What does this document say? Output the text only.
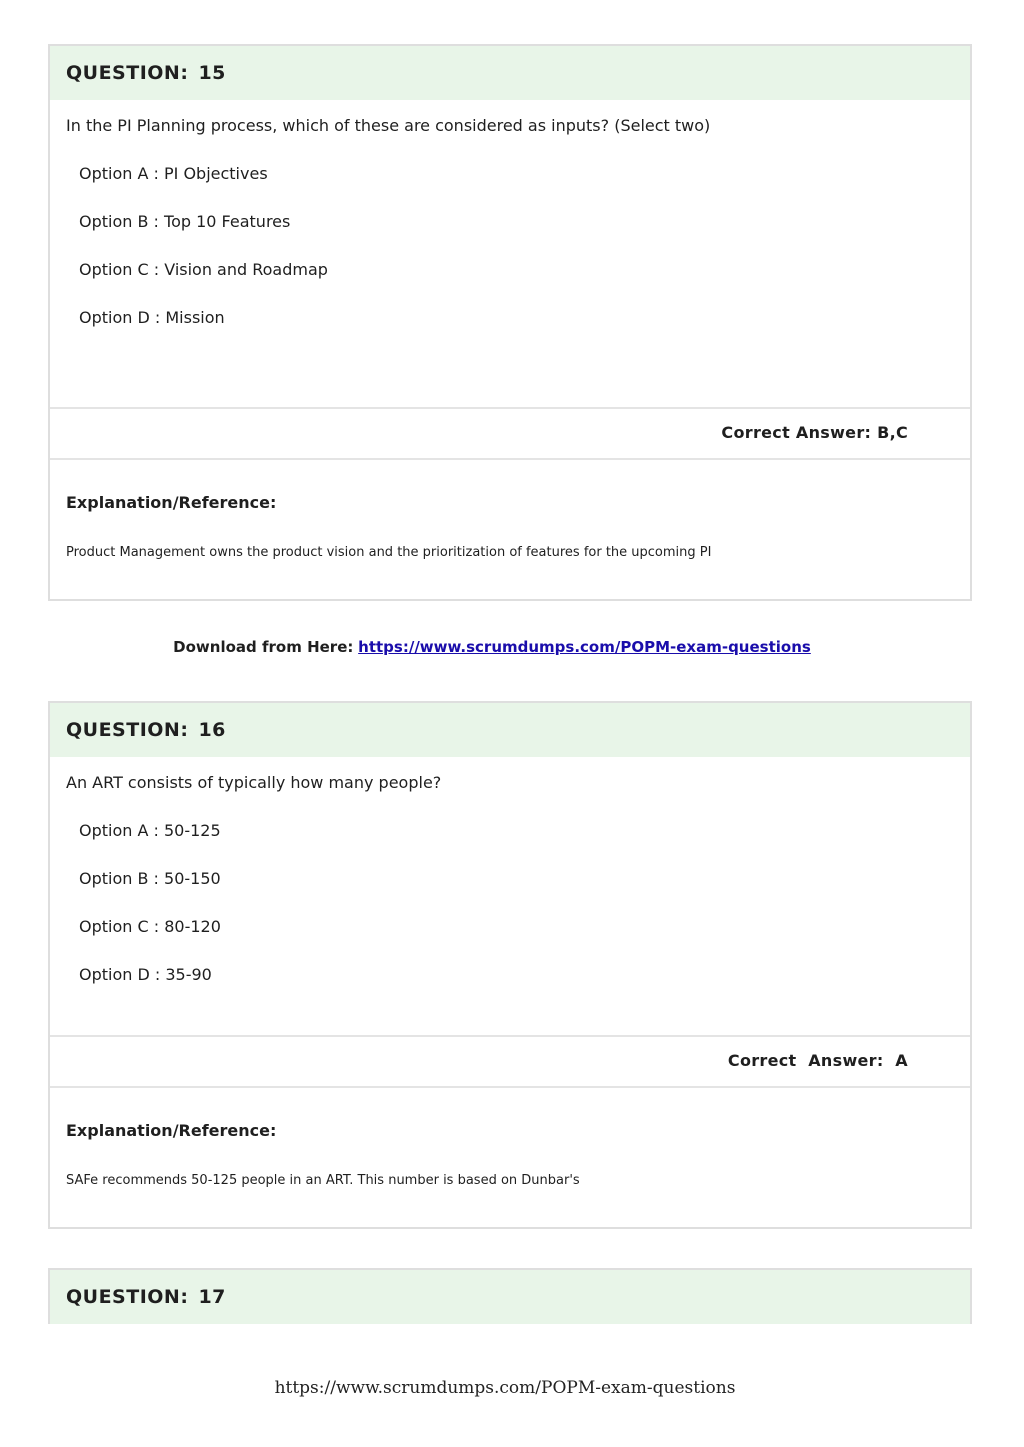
QUESTION: 15
In the PI Planning process, which of these are considered as inputs? (Select two)
Option A : PI Objectives
Option B : Top 10 Features
Option C : Vision and Roadmap
Option D : Mission
Correct Answer: B,C
Explanation/Reference:
Product Management owns the product vision and the prioritization of features for the upcoming PI
Download from Here: https://www.scrumdumps.com/POPM-exam-questions
QUESTION: 16
An ART consists of typically how many people?
Option A : 50-125
Option B : 50-150
Option C : 80-120
Option D : 35-90
Correct  Answer:  A
Explanation/Reference:
SAFe recommends 50-125 people in an ART. This number is based on Dunbar's
QUESTION: 17
https://www.scrumdumps.com/POPM-exam-questions
